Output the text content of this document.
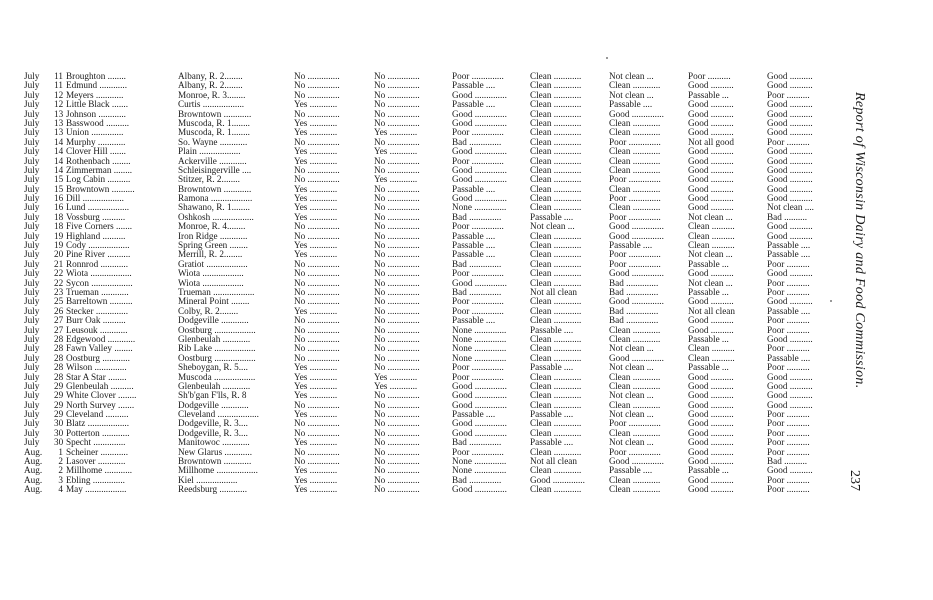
July	11 Broughton ........	Albany, R. 2........	No ..............	No ..............	Poor ..............	Clean ............	Not clean ...	Poor ..........	Good ..........
July	11 Edmund ............	Albany, R. 2........	No ..............	No ..............	Passable ....	Clean ............	Clean ............	Good ..........	Good ..........
July	12 Meyers ............	Monroe, R. 3........	No ..............	No ..............	Good ..............	Clean ............	Not clean ...	Passable ...	Poor ..........
July	12 Little Black .......	Curtis ..................	Yes ............	No ..............	Passable ....	Clean ............	Passable ....	Good ..........	Good ..........
July	13 Johnson ............	Browntown ............	No ..............	No ..............	Good ..............	Clean ............	Good ..............	Good ..........	Good ..........
July	13 Basswood ..........	Muscoda, R. 1........	Yes ............	No ..............	Good ..............	Clean ............	Clean ............	Good ..........	Good ..........
July	13 Union ..............	Muscoda, R. 1........	Yes ............	Yes ............	Poor ..............	Clean ............	Clean ............	Good ..........	Good ..........
July	14 Murphy ............	So. Wayne ............	No ..............	No ..............	Bad ..............	Clean ............	Poor ..............	Not all good	Poor ..........
July	14 Clover Hill .......	Plain ..................	Yes ............	Yes ............	Good ..............	Clean ............	Clean ............	Good ..........	Good ..........
July	14 Rothenbach ........	Ackerville ............	Yes ............	No ..............	Poor ..............	Clean ............	Clean ............	Good ..........	Good ..........
July	14 Zimmerman ........	Schleisingerville ....	No ..............	No ..............	Good ..............	Clean ............	Clean ............	Good ..........	Good ..........
July	15 Log Cabin ..........	Stitzer, R. 2........	No ..............	Yes ............	Good ..............	Clean ............	Poor ..............	Good ..........	Good ..........
July	15 Browntown ..........	Browntown ............	Yes ............	No ..............	Passable ....	Clean ............	Clean ............	Good ..........	Good ..........
July	16 Dill ..................	Ramona ..................	Yes ............	No ..............	Good ..............	Clean ............	Poor ..............	Good ..........	Good ..........
July	16 Lund ..................	Shawano, R. 1........	Yes ............	No ..............	None ..............	Clean ............	Clean ............	Good ..........	Not clean ....
July	18 Vossburg ..........	Oshkosh ..................	Yes ............	No ..............	Bad ..............	Passable ....	Poor ..............	Not clean ...	Bad ..........
July	18 Five Corners .......	Monroe, R. 4........	No ..............	No ..............	Poor ..............	Not clean ...	Good ..............	Clean ..........	Good ..........
July	19 Highland ..........	Iron Ridge ............	No ..............	No ..............	Passable ....	Clean ............	Good ..............	Clean ..........	Good ..........
July	19 Cody ..................	Spring Green ........	Yes ............	No ..............	Passable ....	Clean ............	Passable ....	Clean ..........	Passable ....
July	20 Pine River ..........	Merrill, R. 2........	Yes ............	No ..............	Passable ....	Clean ............	Poor ..............	Not clean ...	Passable ....
July	21 Ronnrod ............	Gratiot ..................	No ..............	No ..............	Bad ..............	Clean ............	Poor ..............	Passable ...	Poor ..........
July	22 Wiota ..................	Wiota ..................	No ..............	No ..............	Poor ..............	Clean ............	Good ..............	Good ..........	Good ..........
July	22 Sycon ..................	Wiota ..................	No ..............	No ..............	Good ..............	Clean ............	Bad ..............	Not clean ...	Poor ..........
July	23 Trueman ............	Trueman ..................	No ..............	No ..............	Bad ..............	Not all clean	Bad ..............	Passable ...	Poor ..........
July	25 Barreltown ..........	Mineral Point ........	No ..............	No ..............	Poor ..............	Clean ............	Good ..............	Good ..........	Good ..........
July	26 Stecker ..............	Colby, R. 2........	Yes ............	No ..............	Poor ..............	Clean ............	Bad ..............	Not all clean	Passable ....
July	27 Burr Oak ..........	Dodgeville ............	No ..............	No ..............	Passable ....	Clean ............	Bad ..............	Good ..........	Poor ..........
July	27 Leusouk ............	Oostburg ..................	No ..............	No ..............	None ..............	Passable ....	Clean ............	Good ..........	Poor ..........
July	28 Edgewood ............	Glenbeulah ............	No ..............	No ..............	None ..............	Clean ............	Clean ............	Passable ...	Good ..........
July	28 Fawn Valley ........	Rib Lake ..................	No ..............	No ..............	None ..............	Clean ............	Not clean ...	Clean ..........	Poor ..........
July	28 Oostburg ............	Oostburg ..................	No ..............	No ..............	None ..............	Clean ............	Good ..............	Clean ..........	Passable ....
July	28 Wilson ..............	Sheboygan, R. 5....	Yes ............	No ..............	Poor ..............	Passable ....	Not clean ...	Passable ...	Poor ..........
July	28 Star A Star ........	Muscoda ..................	Yes ............	Yes ............	Poor ..............	Clean ............	Clean ............	Good ..........	Good ..........
July	29 Glenbeulah ..........	Glenbeulah ............	Yes ............	Yes ............	Good ..............	Clean ............	Clean ............	Good ..........	Good ..........
July	29 White Clover ........	Sh'b'gan F'lls, R. 8	Yes ............	No ..............	Good ..............	Clean ............	Not clean ...	Good ..........	Good ..........
July	29 North Survey .......	Dodgeville ............	No ..............	No ..............	Good ..............	Clean ............	Clean ............	Good ..........	Good ..........
July	29 Cleveland ..........	Cleveland ..................	Yes ............	No ..............	Passable ....	Passable ....	Not clean ...	Good ..........	Poor ..........
July	30 Blatz ..................	Dodgeville, R. 3....	No ..............	No ..............	Good ..............	Clean ............	Poor ..............	Good ..........	Poor ..........
July	30 Potterton ............	Dodgeville, R. 3....	No ..............	No ..............	Good ..............	Clean ............	Clean ............	Good ..........	Poor ..........
July	30 Specht ..............	Manitowoc ............	Yes ............	No ..............	Bad ..............	Passable ....	Not clean ...	Good ..........	Poor ..........
Aug.	1 Scheiner ............	New Glarus ............	No ..............	No ..............	Poor ..............	Clean ............	Poor ..............	Good ..........	Poor ..........
Aug.	2 Lasover ............	Browntown ............	No ..............	No ..............	None ..............	Not all clean	Good ..............	Good ..........	Bad ..........
Aug.	2 Millhome ............	Millhome ..................	Yes ............	No ..............	None ..............	Clean ............	Passable ....	Passable ...	Good ..........
Aug.	3 Ebling ..............	Kiel ..................	Yes ............	No ..............	Bad ..............	Good ..............	Clean ............	Good ..........	Poor ..........
Aug.	4 May ..................	Reedsburg ............	Yes ............	No ..............	Good ..............	Clean ............	Clean ............	Good ..........	Poor ..........
Report of Wisconsin Dairy and Food Commission.
237
